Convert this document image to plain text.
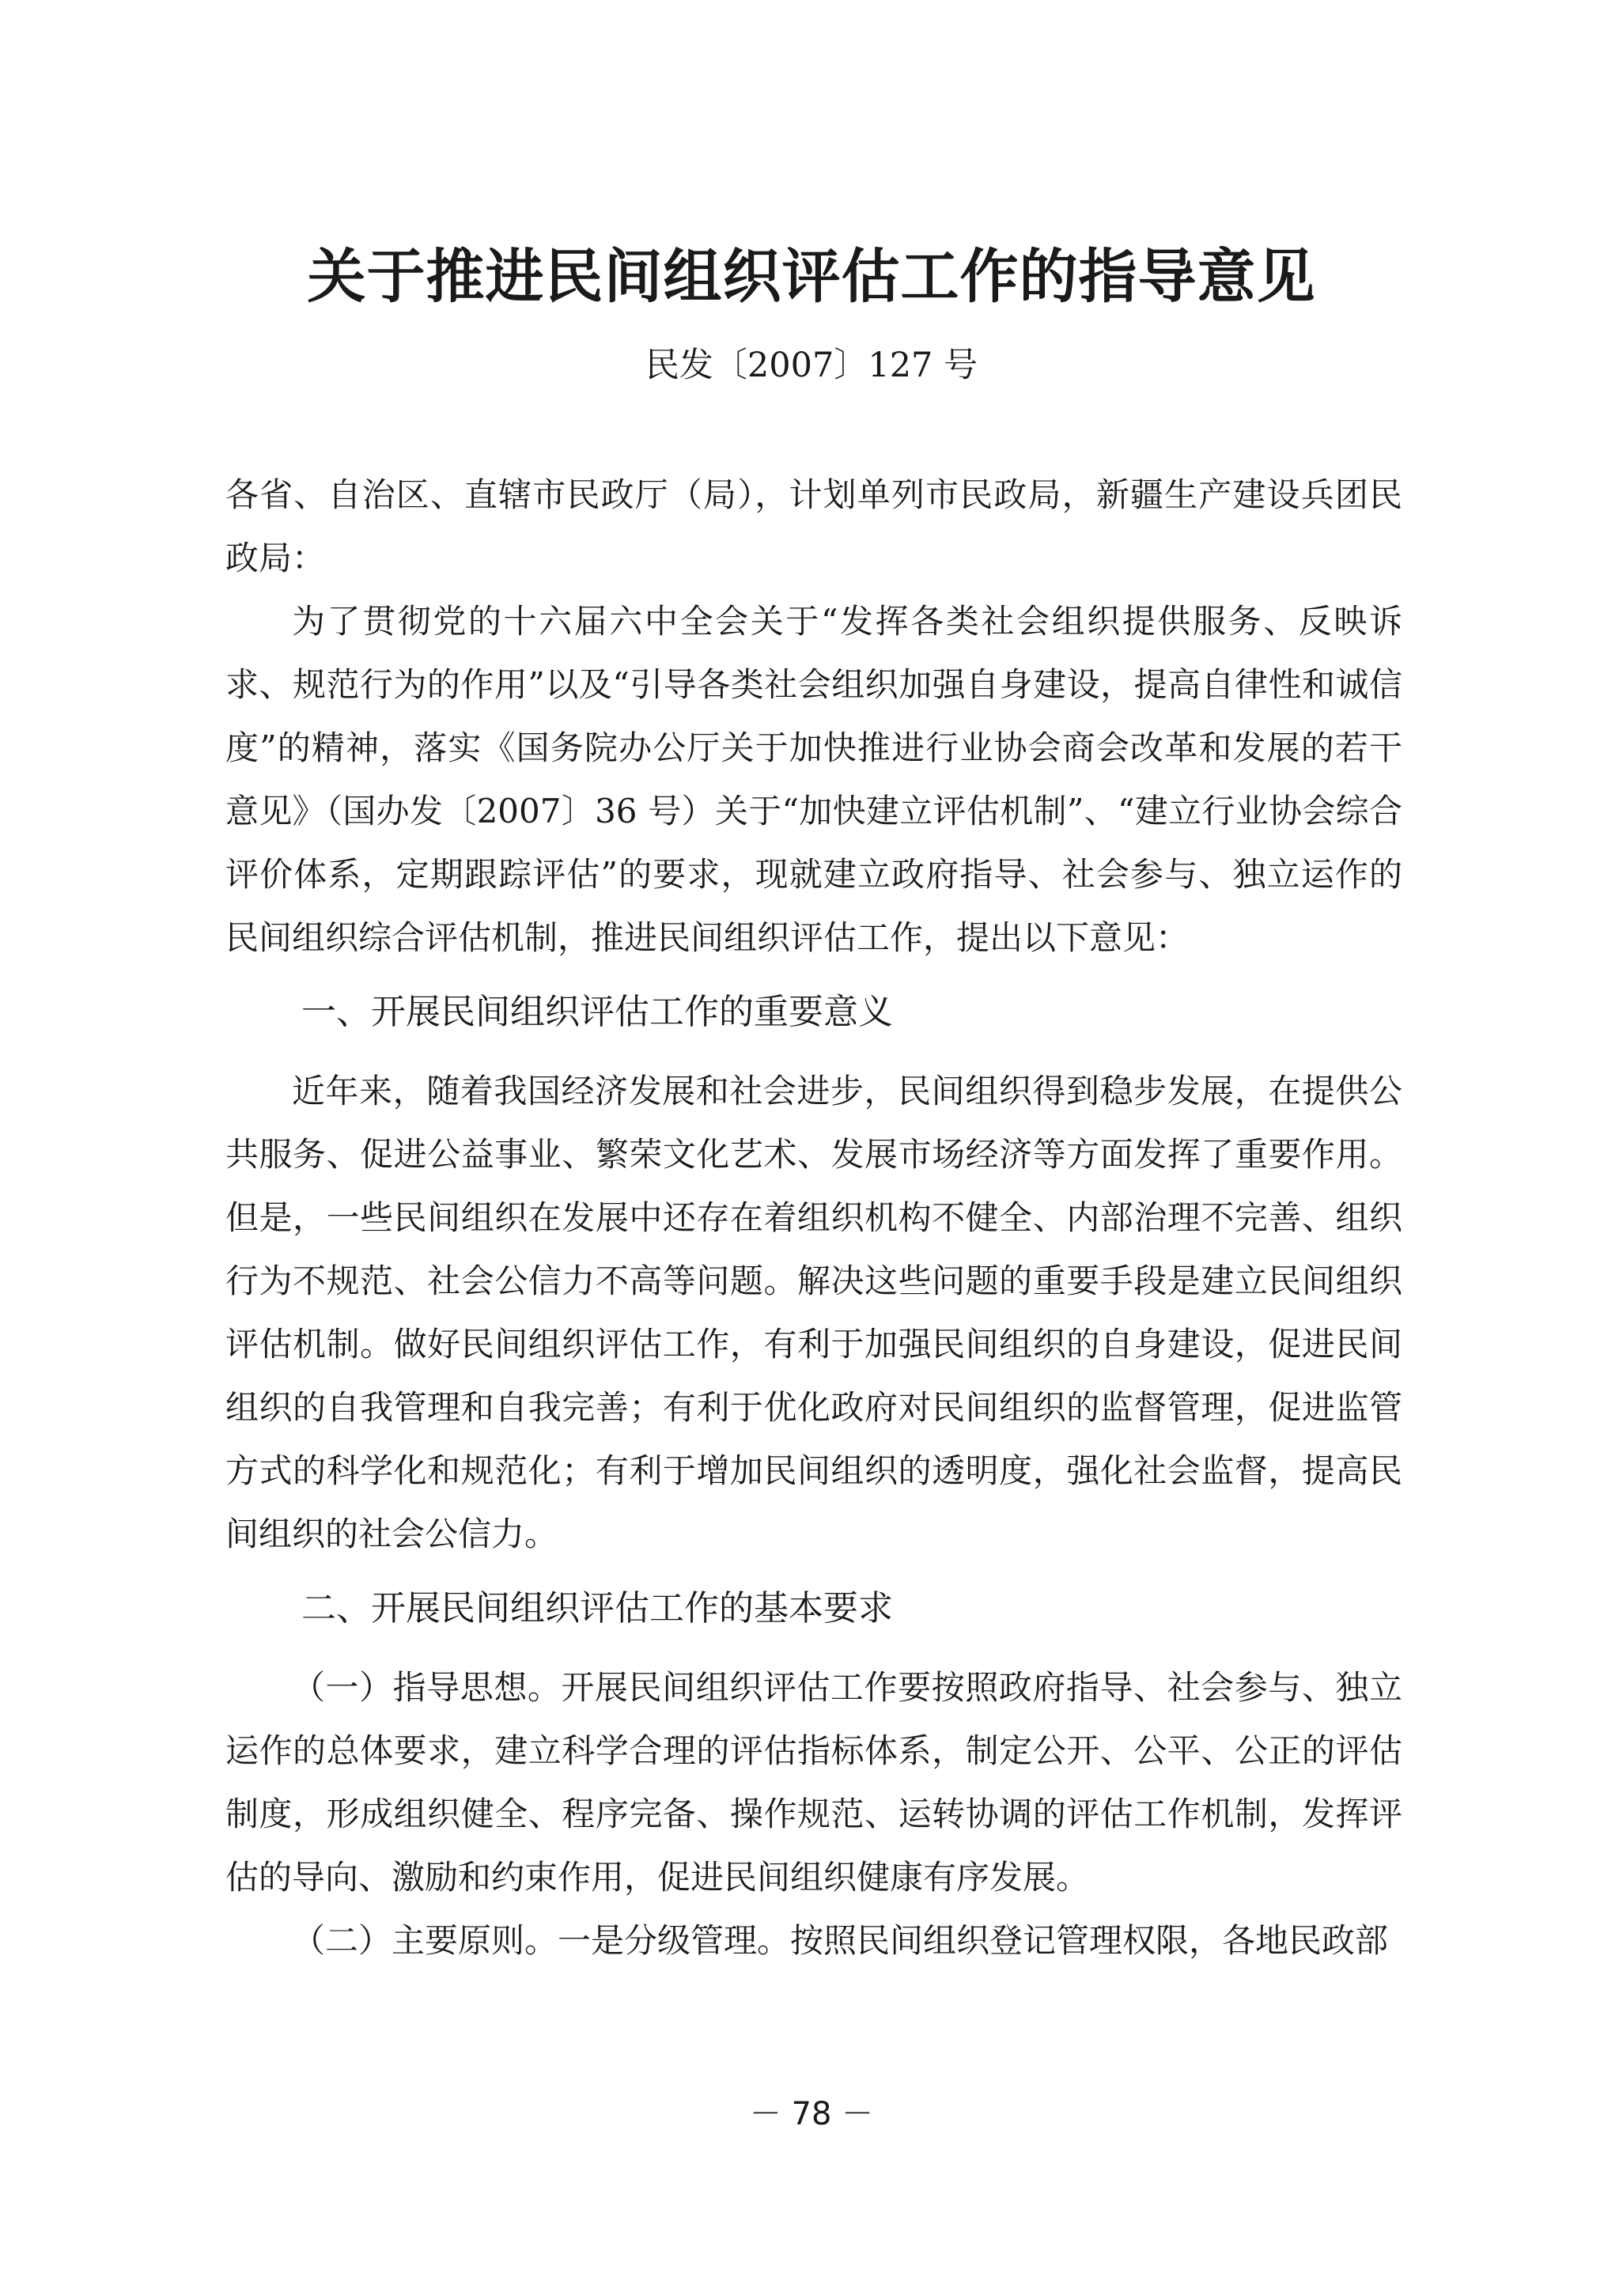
关于推进民间组织评估工作的指导意见

民发〔2007〕127 号

各省、自治区、直辖市民政厅（局），计划单列市民政局，新疆生产建设兵团民政局：

为了贯彻党的十六届六中全会关于“发挥各类社会组织提供服务、反映诉求、规范行为的作用”以及“引导各类社会组织加强自身建设，提高自律性和诚信度”的精神，落实《国务院办公厅关于加快推进行业协会商会改革和发展的若干意见》（国办发〔2007〕36 号）关于“加快建立评估机制”、“建立行业协会综合评价体系，定期跟踪评估”的要求，现就建立政府指导、社会参与、独立运作的民间组织综合评估机制，推进民间组织评估工作，提出以下意见：

一、开展民间组织评估工作的重要意义

近年来，随着我国经济发展和社会进步，民间组织得到稳步发展，在提供公共服务、促进公益事业、繁荣文化艺术、发展市场经济等方面发挥了重要作用。但是，一些民间组织在发展中还存在着组织机构不健全、内部治理不完善、组织行为不规范、社会公信力不高等问题。解决这些问题的重要手段是建立民间组织评估机制。做好民间组织评估工作，有利于加强民间组织的自身建设，促进民间组织的自我管理和自我完善；有利于优化政府对民间组织的监督管理，促进监管方式的科学化和规范化；有利于增加民间组织的透明度，强化社会监督，提高民间组织的社会公信力。

二、开展民间组织评估工作的基本要求

（一）指导思想。开展民间组织评估工作要按照政府指导、社会参与、独立运作的总体要求，建立科学合理的评估指标体系，制定公开、公平、公正的评估制度，形成组织健全、程序完备、操作规范、运转协调的评估工作机制，发挥评估的导向、激励和约束作用，促进民间组织健康有序发展。

（二）主要原则。一是分级管理。按照民间组织登记管理权限，各地民政部

－ 78 －
